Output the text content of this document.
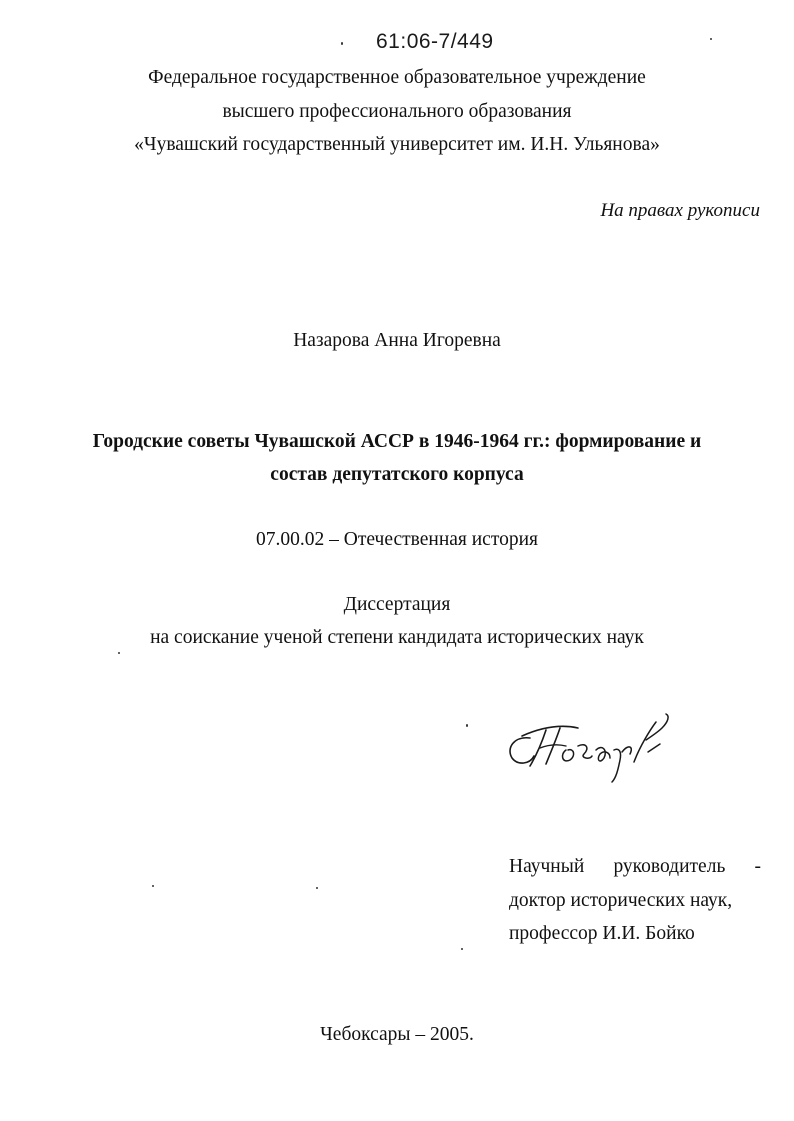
61:06-7/449
Федеральное государственное образовательное учреждение
высшего профессионального образования
«Чувашский государственный университет им. И.Н. Ульянова»
На правах рукописи
Назарова Анна Игоревна
Городские советы Чувашской АССР в 1946-1964 гг.: формирование и
состав депутатского корпуса
07.00.02 – Отечественная история
Диссертация
на соискание ученой степени кандидата исторических наук
Научный руководитель -
доктор исторических наук,
профессор И.И. Бойко
Чебоксары – 2005.
